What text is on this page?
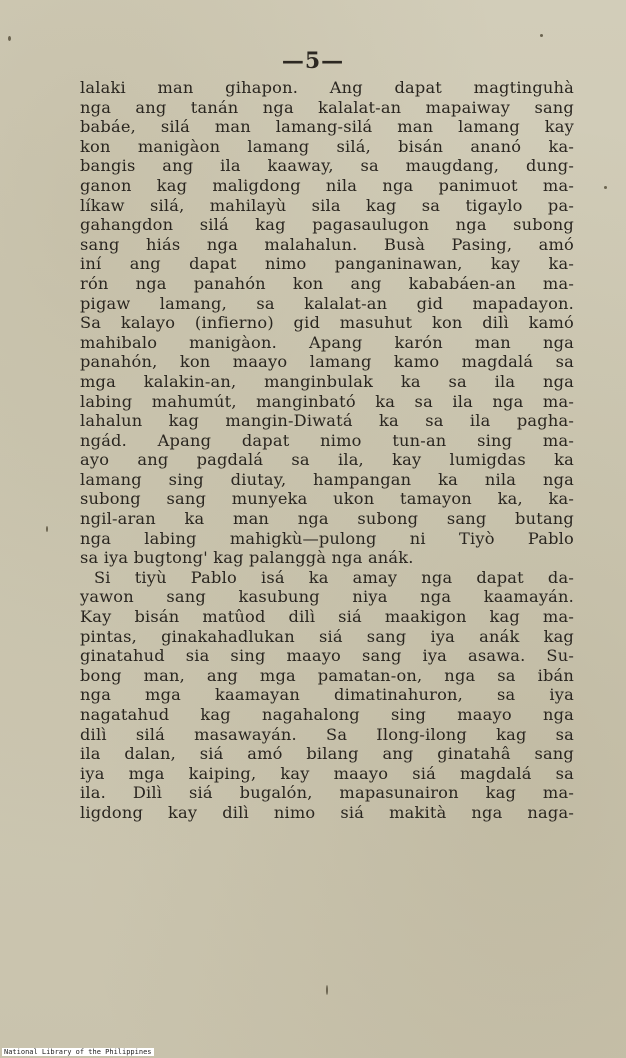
—5—
lalaki man gihapon. Ang dapat magtinguhà
nga ang tanán nga kalalat-an mapaiway sang
babáe, silá man lamang-silá man lamang kay
kon manigàon lamang silá, bisán ananó ka-
bangis ang ila kaaway, sa maugdang, dung-
ganon kag maligdong nila nga panimuot ma-
líkaw silá, mahilayù sila kag sa tigaylo pa-
gahangdon silá kag pagasaulugon nga subong
sang hiás nga malahalun. Busà Pasing, amó
iní ang dapat nimo panganinawan, kay ka-
rón nga panahón kon ang kababáen-an ma-
pigaw lamang, sa kalalat-an gid mapadayon.
Sa kalayo (infierno) gid masuhut kon dilì kamó
mahibalo manigàon. Apang karón man nga
panahón, kon maayo lamang kamo magdalá sa
mga kalakin-an, manginbulak ka sa ila nga
labing mahumút, manginbató ka sa ila nga ma-
lahalun kag mangin-Diwatá ka sa ila pagha-
ngád. Apang dapat nimo tun-an sing ma-
ayo ang pagdalá sa ila, kay lumigdas ka
lamang sing diutay, hampangan ka nila nga
subong sang munyeka ukon tamayon ka, ka-
ngil-aran ka man nga subong sang butang
nga labing mahigkù—pulong ni Tiyò Pablo
sa iya bugtong' kag palanggà nga anák.
Si tiyù Pablo isá ka amay nga dapat da-
yawon sang kasubung niya nga kaamayán.
Kay bisán matûod dilì siá maakigon kag ma-
pintas, ginakahadlukan siá sang iya anák kag
ginatahud sia sing maayo sang iya asawa. Su-
bong man, ang mga pamatan-on, nga sa ibán
nga mga kaamayan dimatinahuron, sa iya
nagatahud kag nagahalong sing maayo nga
dilì silá masawayán. Sa Ilong-ilong kag sa
ila dalan, siá amó bilang ang ginatahâ sang
iya mga kaiping, kay maayo siá magdalá sa
ila. Dilì siá bugalón, mapasunairon kag ma-
ligdong kay dilì nimo siá makità nga naga-
National Library of the Philippines
